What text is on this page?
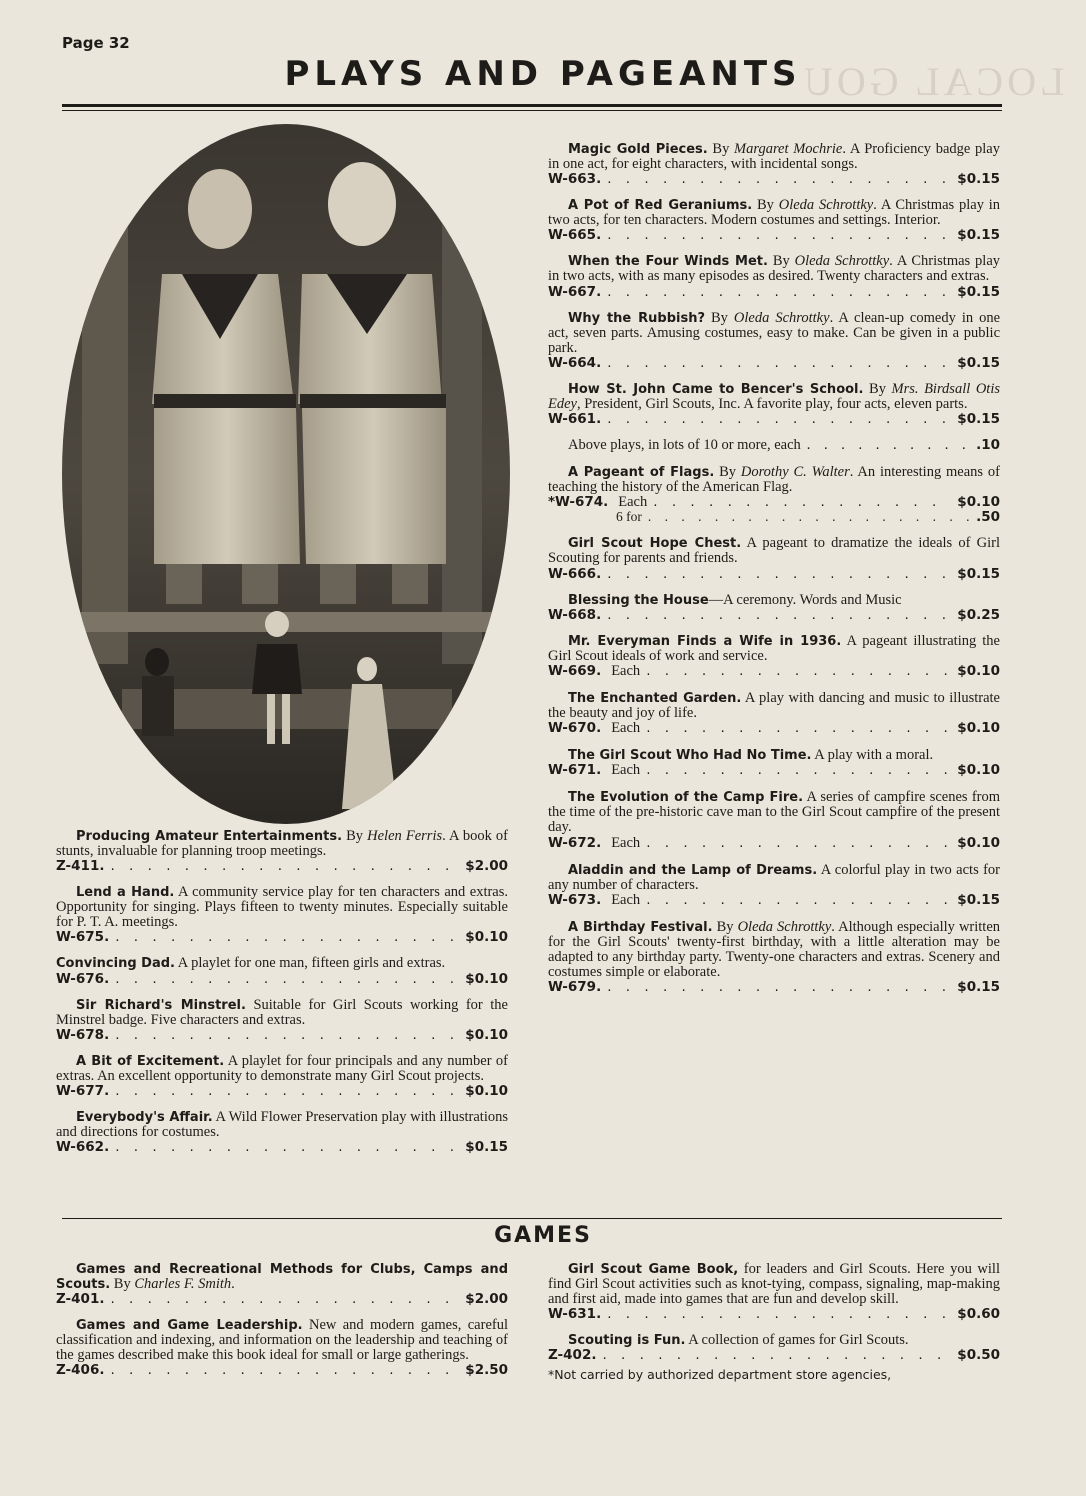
Page 32
LOCAL GOU
PLAYS AND PAGEANTS

Producing Amateur Entertainments. By Helen Ferris. A book of stunts, invaluable for planning troop meetings.

Z-411. . . .	$2.00

Lend a Hand. A community service play for ten characters and extras. Opportunity for singing. Plays fifteen to twenty minutes. Especially suitable for P. T. A. meetings.

W-675. . . .	$0.10

Convincing Dad. A playlet for one man, fifteen girls and extras.

W-676. . . .	$0.10

Sir Richard's Minstrel. Suitable for Girl Scouts working for the Minstrel badge. Five characters and extras.

W-678. . . .	$0.10

A Bit of Excitement. A playlet for four principals and any number of extras. An excellent opportunity to demonstrate many Girl Scout projects.

W-677. . . .	$0.10

Everybody's Affair. A Wild Flower Preservation play with illustrations and directions for costumes.

W-662. . . .	$0.15

Magic Gold Pieces. By Margaret Mochrie. A Proficiency badge play in one act, for eight characters, with incidental songs.

W-663. . . .	$0.15

A Pot of Red Geraniums. By Oleda Schrottky. A Christmas play in two acts, for ten characters. Modern costumes and settings. Interior.

W-665. . . .	$0.15

When the Four Winds Met. By Oleda Schrottky. A Christmas play in two acts, with as many episodes as desired. Twenty characters and extras.

W-667. . . .	$0.15

Why the Rubbish? By Oleda Schrottky. A clean-up comedy in one act, seven parts. Amusing costumes, easy to make. Can be given in a public park.

W-664. . . .	$0.15

How St. John Came to Bencer's School. By Mrs. Birdsall Otis Edey, President, Girl Scouts, Inc. A favorite play, four acts, eleven parts.

W-661. . . .	$0.15
Above plays, in lots of 10 or more, each . . .	.10

A Pageant of Flags. By Dorothy C. Walter. An interesting means of teaching the history of the American Flag.

*W-674. Each . . .	$0.10
6 for . . .	.50

Girl Scout Hope Chest. A pageant to dramatize the ideals of Girl Scouting for parents and friends.

W-666. . . .	$0.15

Blessing the House—A ceremony. Words and Music

W-668. . . .	$0.25

Mr. Everyman Finds a Wife in 1936. A pageant illustrating the Girl Scout ideals of work and service.

W-669. Each . . .	$0.10

The Enchanted Garden. A play with dancing and music to illustrate the beauty and joy of life.

W-670. Each . . .	$0.10

The Girl Scout Who Had No Time. A play with a moral.

W-671. Each . . .	$0.10

The Evolution of the Camp Fire. A series of campfire scenes from the time of the pre-historic cave man to the Girl Scout campfire of the present day.

W-672. Each . . .	$0.10

Aladdin and the Lamp of Dreams. A colorful play in two acts for any number of characters.

W-673. Each . . .	$0.15

A Birthday Festival. By Oleda Schrottky. Although especially written for the Girl Scouts' twenty-first birthday, with a little alteration may be adapted to any birthday party. Twenty-one characters and extras. Scenery and costumes simple or elaborate.

W-679. . . .	$0.15
GAMES

Games and Recreational Methods for Clubs, Camps and Scouts. By Charles F. Smith.

Z-401. . . .	$2.00

Games and Game Leadership. New and modern games, careful classification and indexing, and information on the leadership and teaching of the games described make this book ideal for small or large gatherings.

Z-406. . . .	$2.50

Girl Scout Game Book, for leaders and Girl Scouts. Here you will find Girl Scout activities such as knot-tying, compass, signaling, map-making and first aid, made into games that are fun and develop skill.

W-631. . . .	$0.60

Scouting is Fun. A collection of games for Girl Scouts.

Z-402. . . .	$0.50
*Not carried by authorized department store agencies,
